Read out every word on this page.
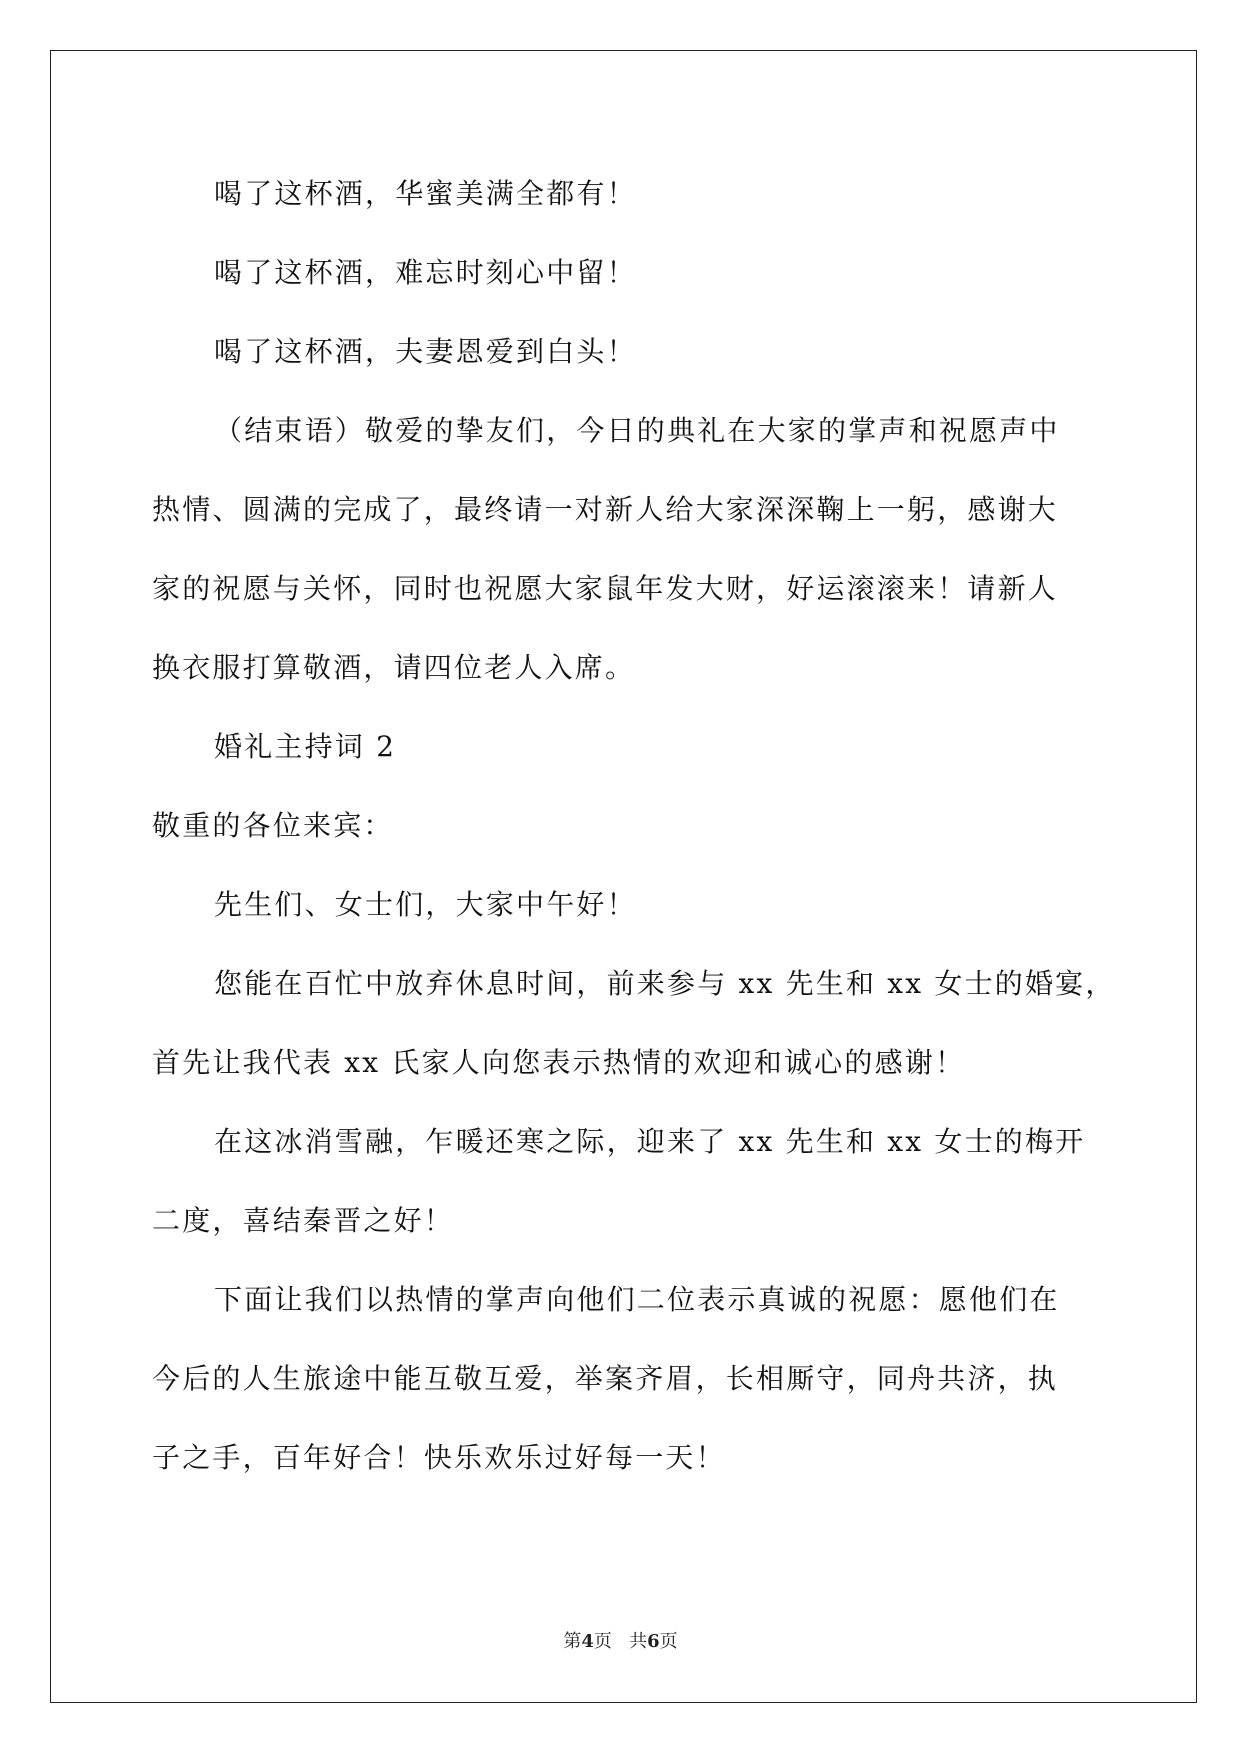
喝了这杯酒，华蜜美满全都有！
喝了这杯酒，难忘时刻心中留！
喝了这杯酒，夫妻恩爱到白头！
（结束语）敬爱的挚友们，今日的典礼在大家的掌声和祝愿声中
热情、圆满的完成了，最终请一对新人给大家深深鞠上一躬，感谢大
家的祝愿与关怀，同时也祝愿大家鼠年发大财，好运滚滚来！请新人
换衣服打算敬酒，请四位老人入席。
婚礼主持词 2
敬重的各位来宾：
先生们、女士们，大家中午好！
您能在百忙中放弃休息时间，前来参与 xx 先生和 xx 女士的婚宴，
首先让我代表 xx 氏家人向您表示热情的欢迎和诚心的感谢！
在这冰消雪融，乍暖还寒之际，迎来了 xx 先生和 xx 女士的梅开
二度，喜结秦晋之好！
下面让我们以热情的掌声向他们二位表示真诚的祝愿：愿他们在
今后的人生旅途中能互敬互爱，举案齐眉，长相厮守，同舟共济，执
子之手，百年好合！快乐欢乐过好每一天！
第4页 共6页
